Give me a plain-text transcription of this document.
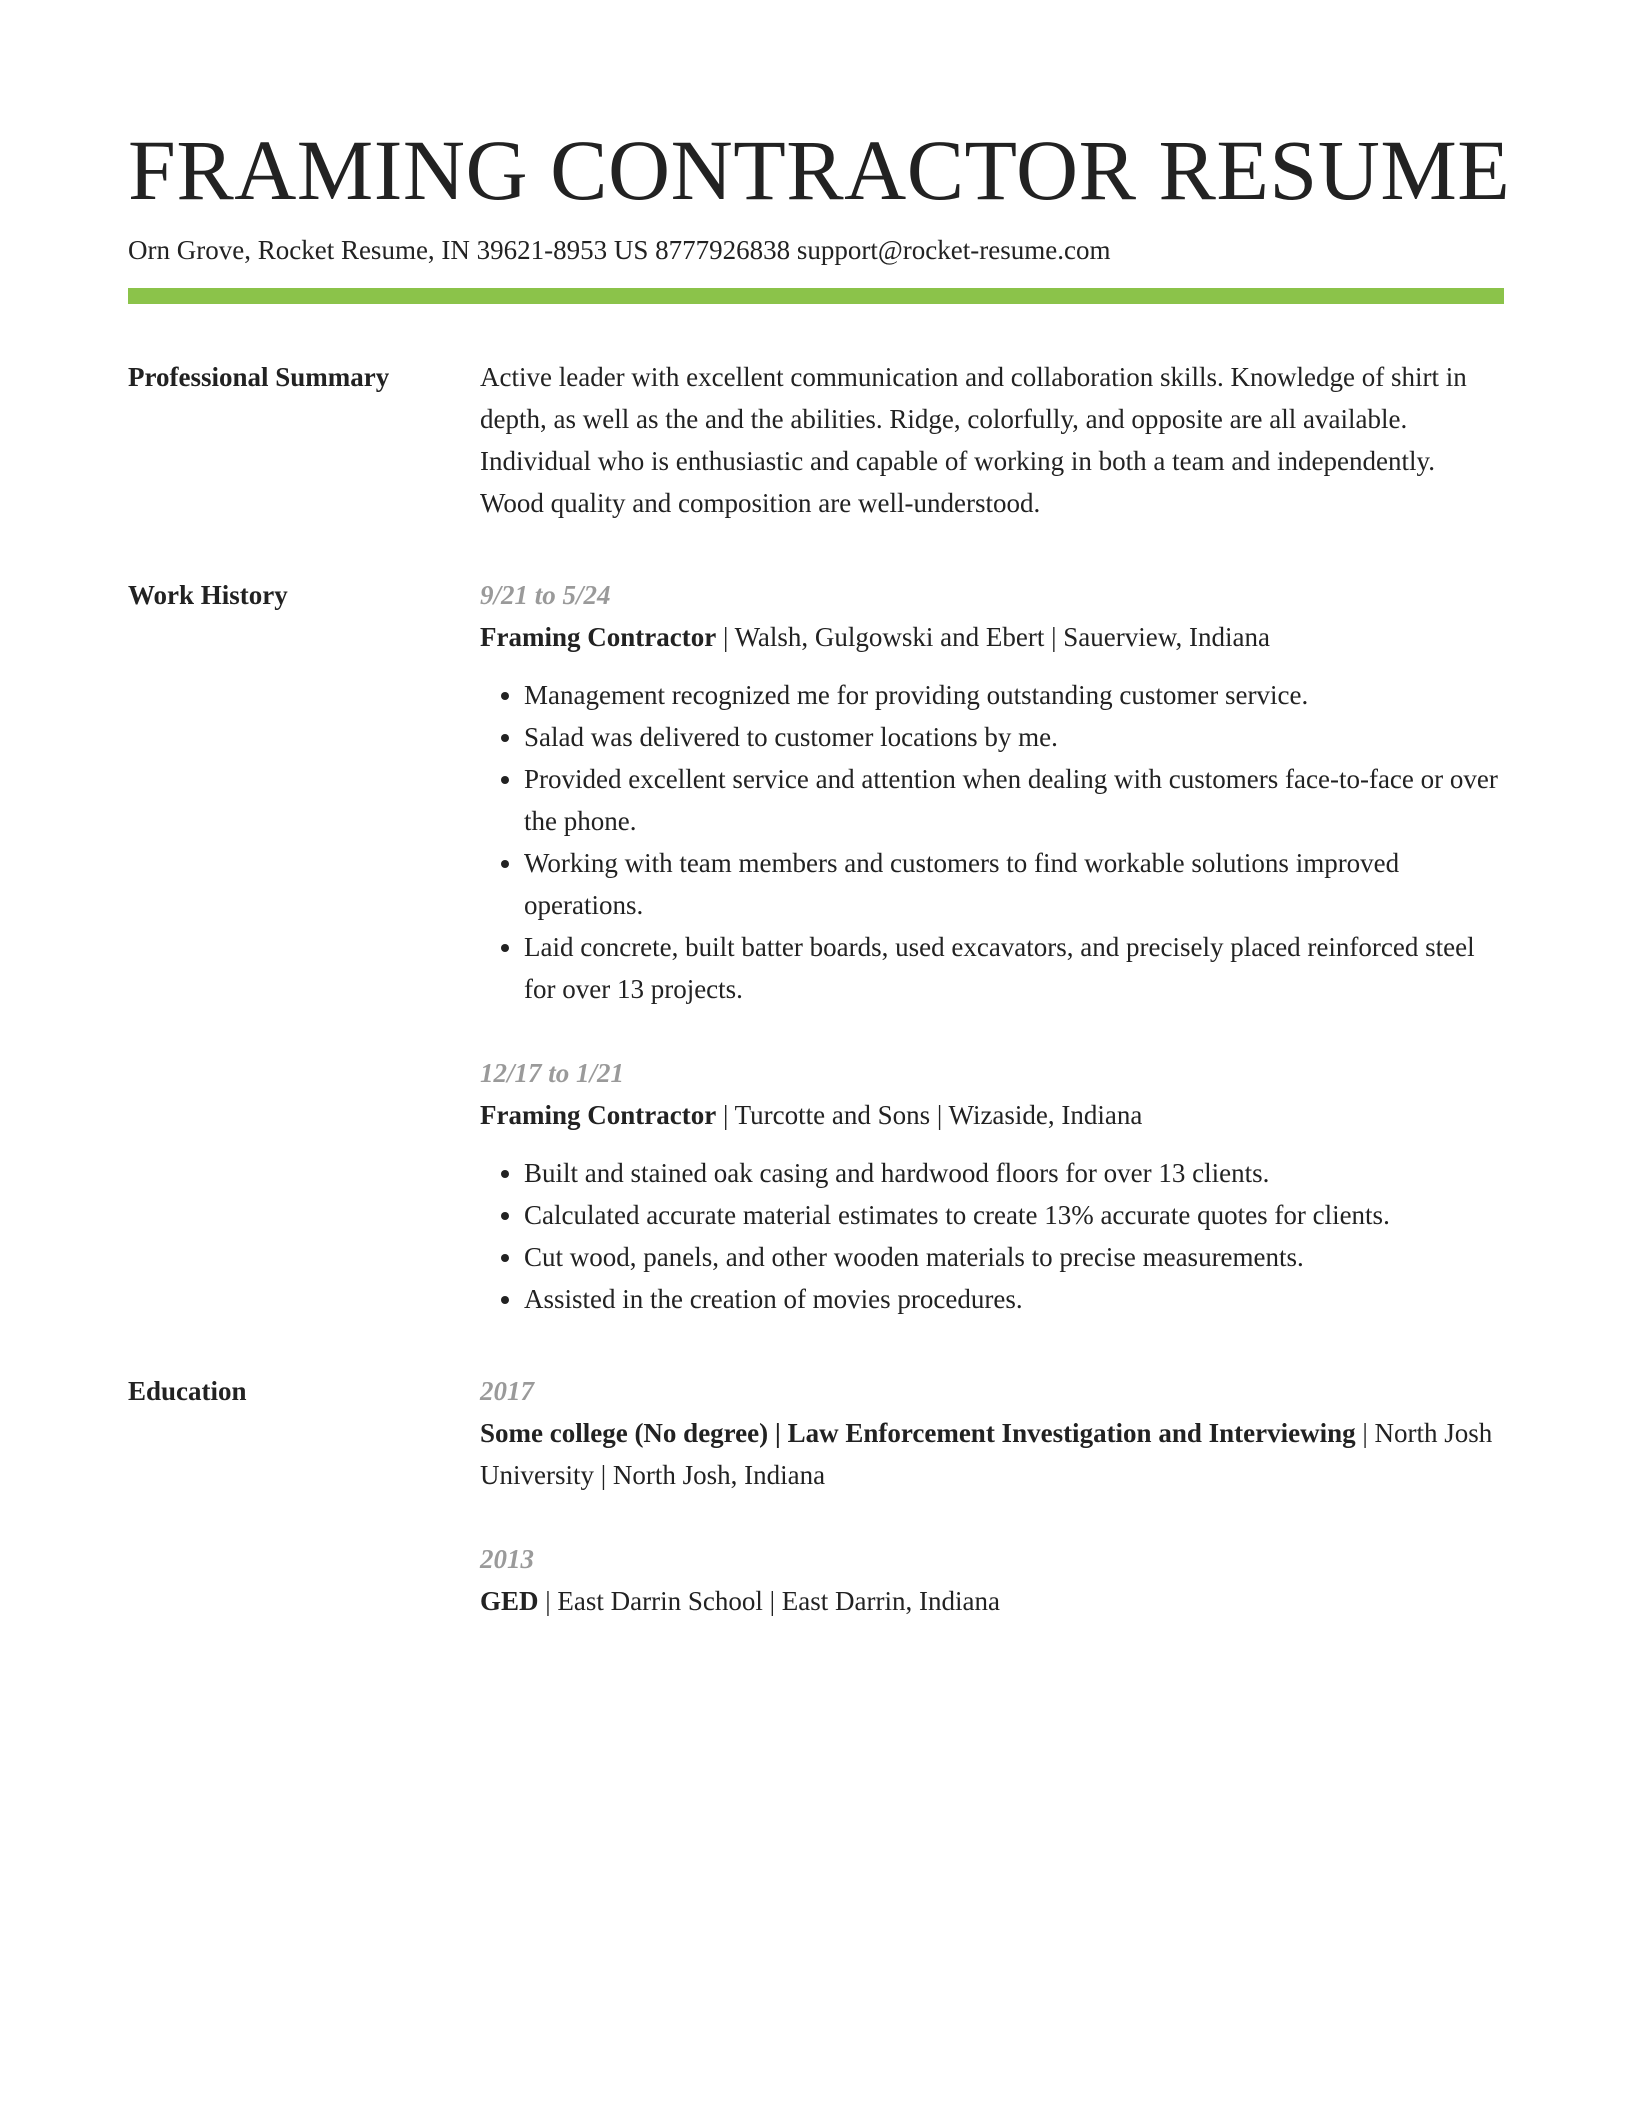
FRAMING CONTRACTOR RESUME
Orn Grove, Rocket Resume, IN 39621-8953 US 8777926838 support@rocket-resume.com
Professional Summary	Active leader with excellent communication and collaboration skills. Knowledge of shirt in depth, as well as the and the abilities. Ridge, colorfully, and opposite are all available. Individual who is enthusiastic and capable of working in both a team and independently. Wood quality and composition are well-understood.

Work History	9/21 to 5/24
Framing Contractor | Walsh, Gulgowski and Ebert | Sauerview, Indiana
• Management recognized me for providing outstanding customer service.
• Salad was delivered to customer locations by me.
• Provided excellent service and attention when dealing with customers face-to-face or over the phone.
• Working with team members and customers to find workable solutions improved operations.
• Laid concrete, built batter boards, used excavators, and precisely placed reinforced steel for over 13 projects.
12/17 to 1/21
Framing Contractor | Turcotte and Sons | Wizaside, Indiana
• Built and stained oak casing and hardwood floors for over 13 clients.
• Calculated accurate material estimates to create 13% accurate quotes for clients.
• Cut wood, panels, and other wooden materials to precise measurements.
• Assisted in the creation of movies procedures.
Education	2017
Some college (No degree) | Law Enforcement Investigation and Interviewing | North Josh University | North Josh, Indiana
2013
GED | East Darrin School | East Darrin, Indiana
